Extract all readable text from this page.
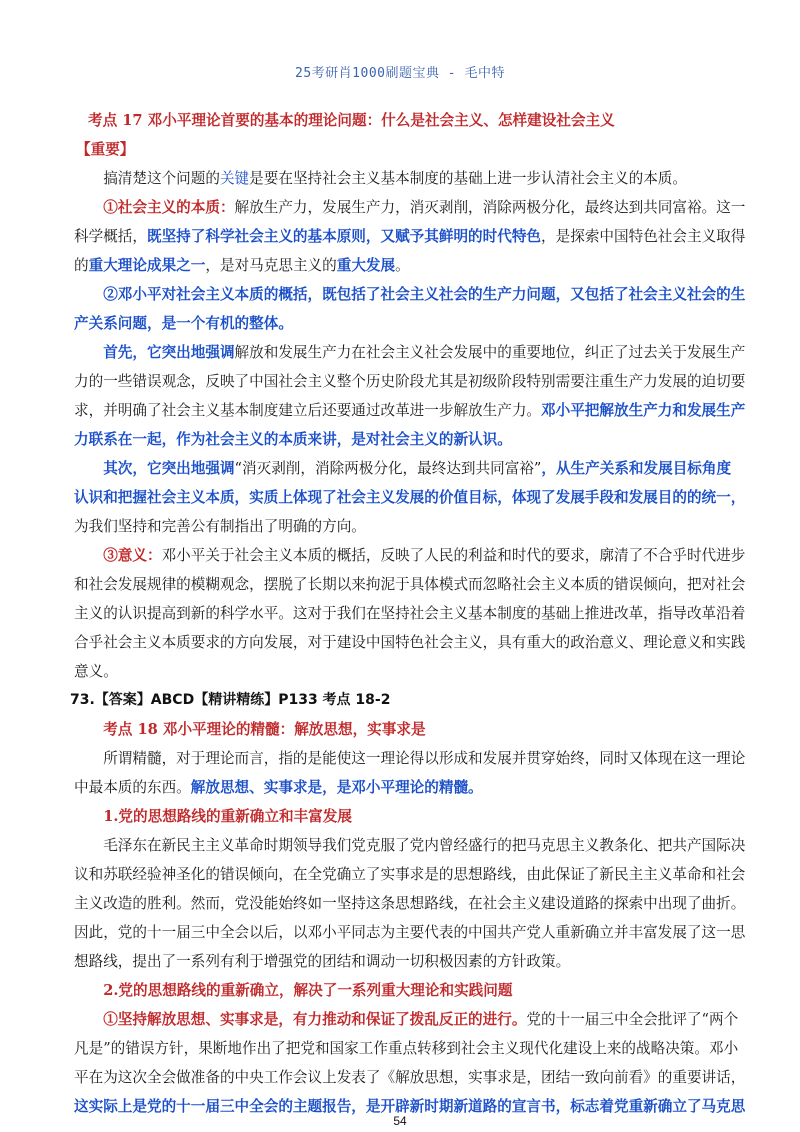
25考研肖1000刷题宝典 - 毛中特
考点 17 邓小平理论首要的基本的理论问题：什么是社会主义、怎样建设社会主义
【重要】
搞清楚这个问题的关键是要在坚持社会主义基本制度的基础上进一步认清社会主义的本质。
①社会主义的本质：解放生产力，发展生产力，消灭剥削，消除两极分化，最终达到共同富裕。这一
科学概括，既坚持了科学社会主义的基本原则，又赋予其鲜明的时代特色，是探索中国特色社会主义取得
的重大理论成果之一，是对马克思主义的重大发展。
②邓小平对社会主义本质的概括，既包括了社会主义社会的生产力问题，又包括了社会主义社会的生
产关系问题，是一个有机的整体。
首先，它突出地强调解放和发展生产力在社会主义社会发展中的重要地位，纠正了过去关于发展生产
力的一些错误观念，反映了中国社会主义整个历史阶段尤其是初级阶段特别需要注重生产力发展的迫切要
求，并明确了社会主义基本制度建立后还要通过改革进一步解放生产力。邓小平把解放生产力和发展生产
力联系在一起，作为社会主义的本质来讲，是对社会主义的新认识。
其次，它突出地强调“消灭剥削，消除两极分化，最终达到共同富裕”，从生产关系和发展目标角度
认识和把握社会主义本质，实质上体现了社会主义发展的价值目标，体现了发展手段和发展目的的统一，
为我们坚持和完善公有制指出了明确的方向。
③意义：邓小平关于社会主义本质的概括，反映了人民的利益和时代的要求，廓清了不合乎时代进步
和社会发展规律的模糊观念，摆脱了长期以来拘泥于具体模式而忽略社会主义本质的错误倾向，把对社会
主义的认识提高到新的科学水平。这对于我们在坚持社会主义基本制度的基础上推进改革，指导改革沿着
合乎社会主义本质要求的方向发展，对于建设中国特色社会主义，具有重大的政治意义、理论意义和实践
意义。
73.【答案】ABCD【精讲精练】P133 考点 18-2
考点 18 邓小平理论的精髓：解放思想，实事求是
所谓精髓，对于理论而言，指的是能使这一理论得以形成和发展并贯穿始终，同时又体现在这一理论
中最本质的东西。解放思想、实事求是，是邓小平理论的精髓。
1.党的思想路线的重新确立和丰富发展
毛泽东在新民主主义革命时期领导我们党克服了党内曾经盛行的把马克思主义教条化、把共产国际决
议和苏联经验神圣化的错误倾向，在全党确立了实事求是的思想路线，由此保证了新民主主义革命和社会
主义改造的胜利。然而，党没能始终如一坚持这条思想路线，在社会主义建设道路的探索中出现了曲折。
因此，党的十一届三中全会以后，以邓小平同志为主要代表的中国共产党人重新确立并丰富发展了这一思
想路线，提出了一系列有利于增强党的团结和调动一切积极因素的方针政策。
2.党的思想路线的重新确立，解决了一系列重大理论和实践问题
①坚持解放思想、实事求是，有力推动和保证了拨乱反正的进行。党的十一届三中全会批评了“两个
凡是”的错误方针，果断地作出了把党和国家工作重点转移到社会主义现代化建设上来的战略决策。邓小
平在为这次全会做准备的中央工作会议上发表了《解放思想，实事求是，团结一致向前看》的重要讲话，
这实际上是党的十一届三中全会的主题报告，是开辟新时期新道路的宣言书，标志着党重新确立了马克思
54
